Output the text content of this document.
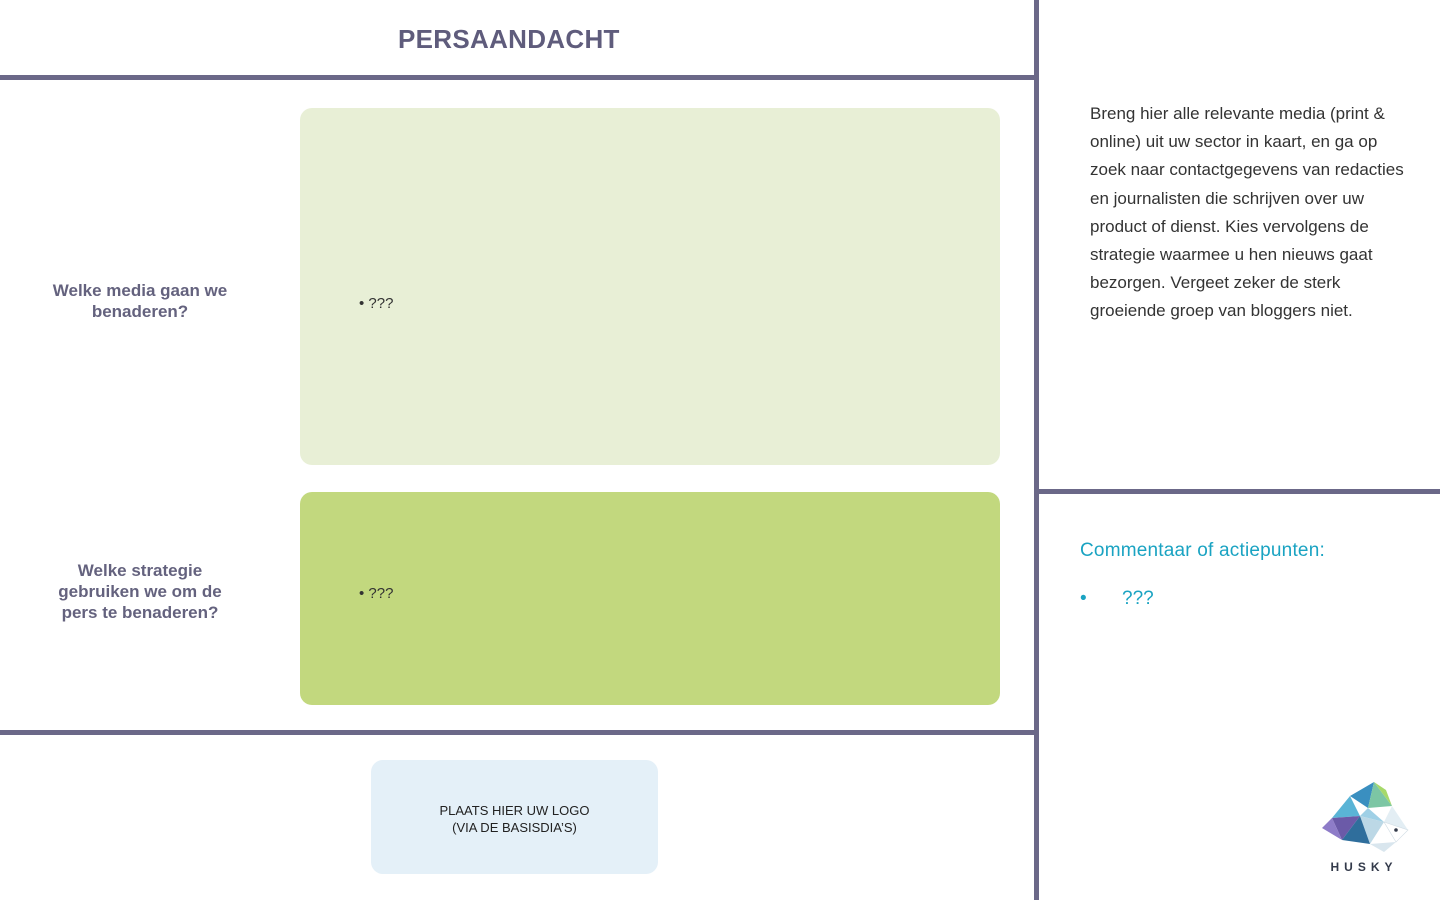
PERSAANDACHT
Welke media gaan we benaderen?	• ???
Welke strategie gebruiken we om de pers te benaderen?
• ???
Breng hier alle relevante media (print & online) uit uw sector in kaart, en ga op zoek naar contactgegevens van redacties en journalisten die schrijven over uw product of dienst. Kies vervolgens de strategie waarmee u hen nieuws gaat bezorgen. Vergeet zeker de sterk groeiende groep van bloggers niet.
Commentaar of actiepunten:
• ???
PLAATS HIER UW LOGO
(VIA DE BASISDIA’S)
HUSKY
